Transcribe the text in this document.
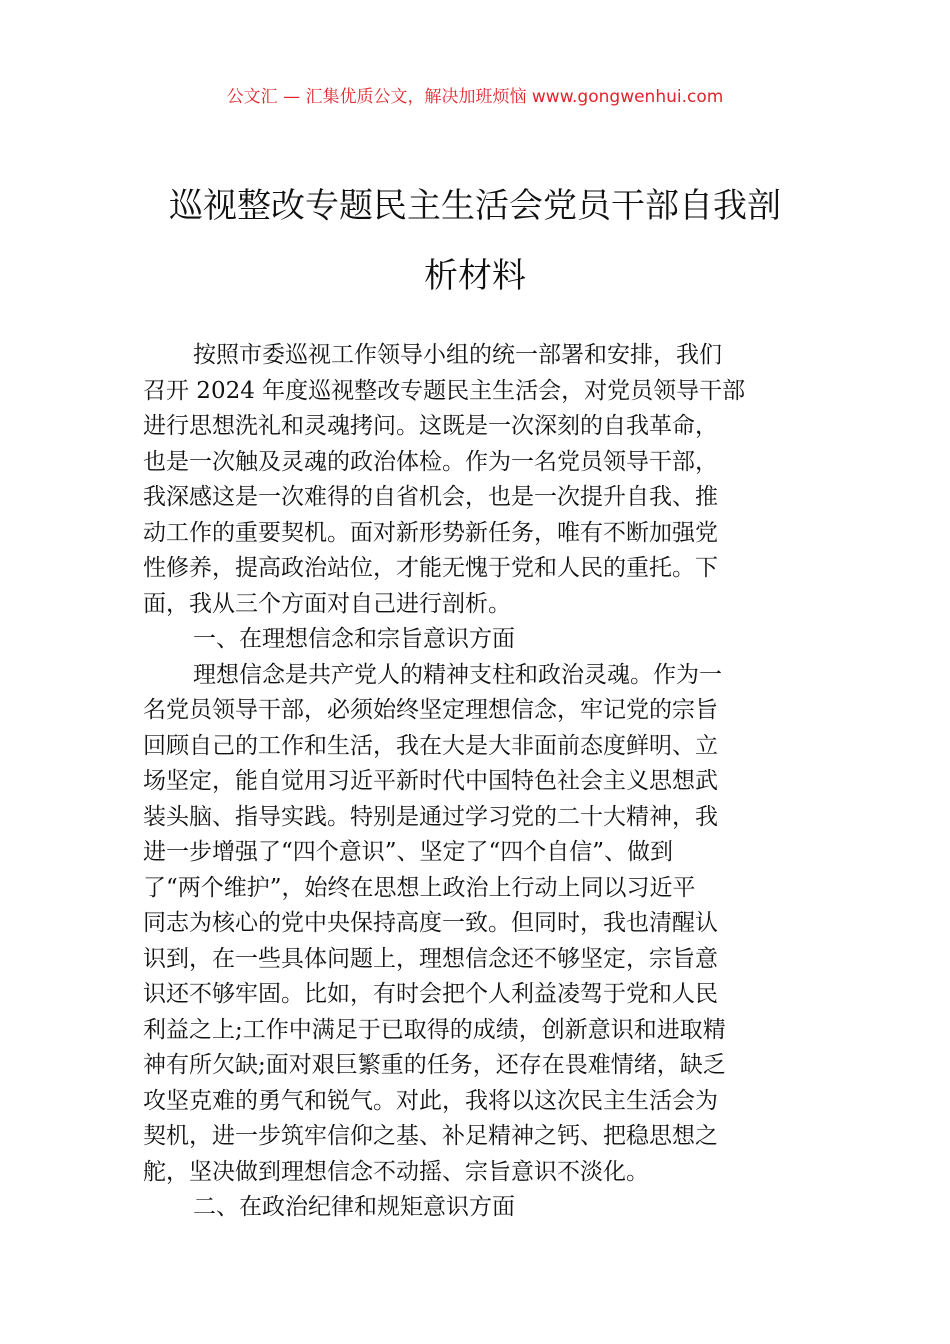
公文汇 — 汇集优质公文，解决加班烦恼 www.gongwenhui.com
巡视整改专题民主生活会党员干部自我剖
析材料
按照市委巡视工作领导小组的统一部署和安排，我们
召开 2024 年度巡视整改专题民主生活会，对党员领导干部
进行思想洗礼和灵魂拷问。这既是一次深刻的自我革命，
也是一次触及灵魂的政治体检。作为一名党员领导干部，
我深感这是一次难得的自省机会，也是一次提升自我、推
动工作的重要契机。面对新形势新任务，唯有不断加强党
性修养，提高政治站位，才能无愧于党和人民的重托。下
面，我从三个方面对自己进行剖析。
一、在理想信念和宗旨意识方面
理想信念是共产党人的精神支柱和政治灵魂。作为一
名党员领导干部，必须始终坚定理想信念，牢记党的宗旨
回顾自己的工作和生活，我在大是大非面前态度鲜明、立
场坚定，能自觉用习近平新时代中国特色社会主义思想武
装头脑、指导实践。特别是通过学习党的二十大精神，我
进一步增强了“四个意识”、坚定了“四个自信”、做到
了“两个维护”，始终在思想上政治上行动上同以习近平
同志为核心的党中央保持高度一致。但同时，我也清醒认
识到，在一些具体问题上，理想信念还不够坚定，宗旨意
识还不够牢固。比如，有时会把个人利益凌驾于党和人民
利益之上;工作中满足于已取得的成绩，创新意识和进取精
神有所欠缺;面对艰巨繁重的任务，还存在畏难情绪，缺乏
攻坚克难的勇气和锐气。对此，我将以这次民主生活会为
契机，进一步筑牢信仰之基、补足精神之钙、把稳思想之
舵，坚决做到理想信念不动摇、宗旨意识不淡化。
二、在政治纪律和规矩意识方面
